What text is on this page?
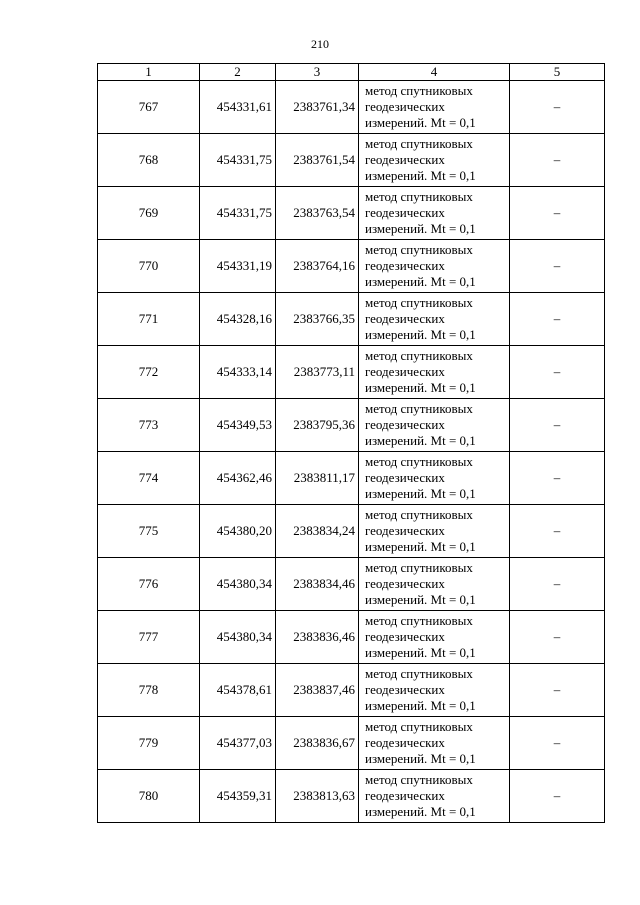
210
1	2	3	4	5
767	454331,61	2383761,34	метод спутниковых
геодезических
измерений. Mt = 0,1	–
768	454331,75	2383761,54	метод спутниковых
геодезических
измерений. Mt = 0,1	–
769	454331,75	2383763,54	метод спутниковых
геодезических
измерений. Mt = 0,1	–
770	454331,19	2383764,16	метод спутниковых
геодезических
измерений. Mt = 0,1	–
771	454328,16	2383766,35	метод спутниковых
геодезических
измерений. Mt = 0,1	–
772	454333,14	2383773,11	метод спутниковых
геодезических
измерений. Mt = 0,1	–
773	454349,53	2383795,36	метод спутниковых
геодезических
измерений. Mt = 0,1	–
774	454362,46	2383811,17	метод спутниковых
геодезических
измерений. Mt = 0,1	–
775	454380,20	2383834,24	метод спутниковых
геодезических
измерений. Mt = 0,1	–
776	454380,34	2383834,46	метод спутниковых
геодезических
измерений. Mt = 0,1	–
777	454380,34	2383836,46	метод спутниковых
геодезических
измерений. Mt = 0,1	–
778	454378,61	2383837,46	метод спутниковых
геодезических
измерений. Mt = 0,1	–
779	454377,03	2383836,67	метод спутниковых
геодезических
измерений. Mt = 0,1	–
780	454359,31	2383813,63	метод спутниковых
геодезических
измерений. Mt = 0,1	–
